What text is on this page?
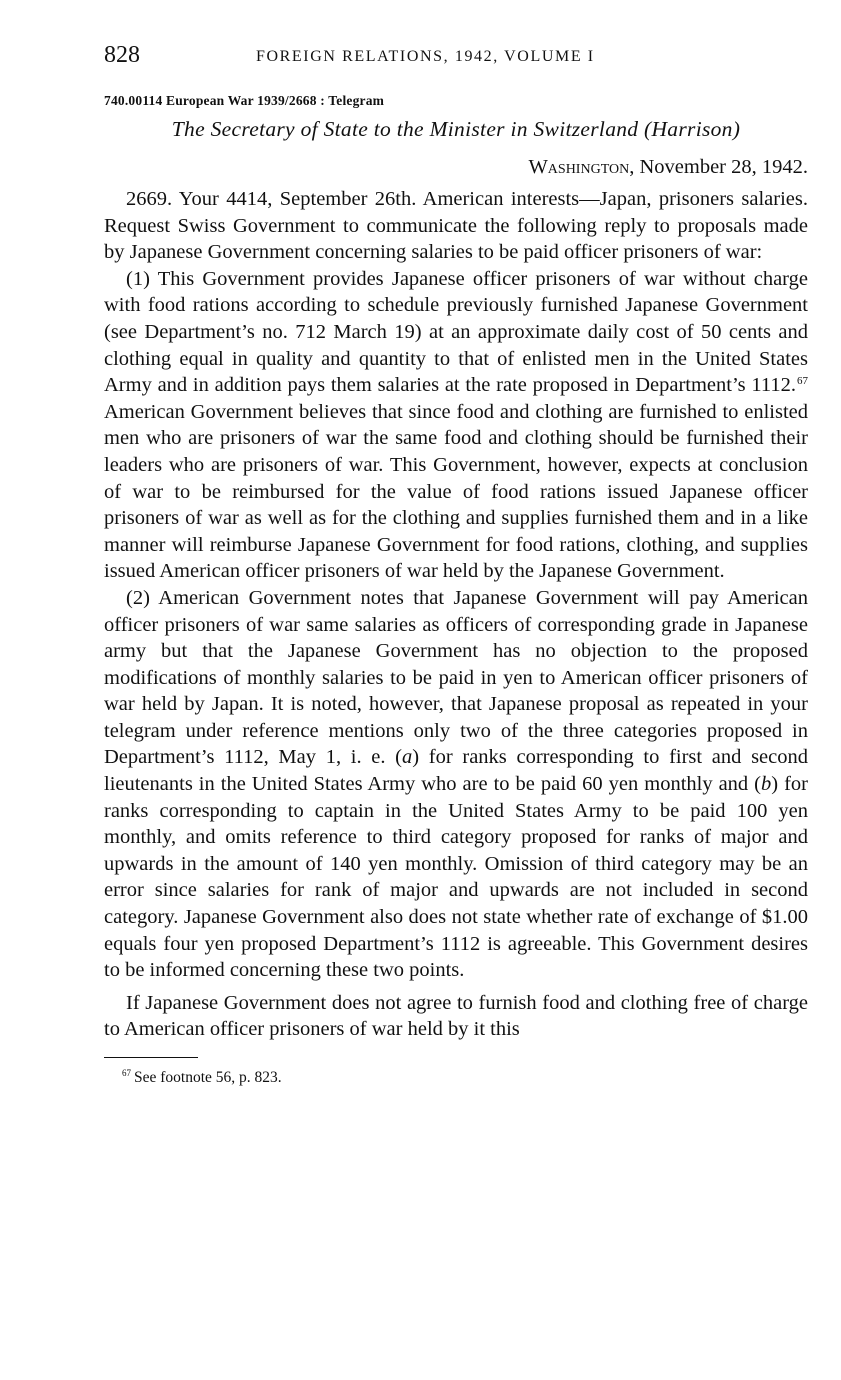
828	FOREIGN RELATIONS, 1942, VOLUME I
740.00114 European War 1939/2668 : Telegram
The Secretary of State to the Minister in Switzerland (Harrison)
Washington, November 28, 1942.

2669. Your 4414, September 26th. American interests—Japan, prisoners salaries. Request Swiss Government to communicate the following reply to proposals made by Japanese Government concerning salaries to be paid officer prisoners of war:

(1) This Government provides Japanese officer prisoners of war without charge with food rations according to schedule previously furnished Japanese Government (see Department’s no. 712 March 19) at an approximate daily cost of 50 cents and clothing equal in quality and quantity to that of enlisted men in the United States Army and in addition pays them salaries at the rate proposed in Department’s 1112.67 American Government believes that since food and clothing are furnished to enlisted men who are prisoners of war the same food and clothing should be furnished their leaders who are prisoners of war. This Government, however, expects at conclusion of war to be reimbursed for the value of food rations issued Japanese officer prisoners of war as well as for the clothing and supplies furnished them and in a like manner will reimburse Japanese Government for food rations, clothing, and supplies issued American officer prisoners of war held by the Japanese Government.

(2) American Government notes that Japanese Government will pay American officer prisoners of war same salaries as officers of corresponding grade in Japanese army but that the Japanese Government has no objection to the proposed modifications of monthly salaries to be paid in yen to American officer prisoners of war held by Japan. It is noted, however, that Japanese proposal as repeated in your telegram under reference mentions only two of the three categories proposed in Department’s 1112, May 1, i. e. (a) for ranks corresponding to first and second lieutenants in the United States Army who are to be paid 60 yen monthly and (b) for ranks corresponding to captain in the United States Army to be paid 100 yen monthly, and omits reference to third category proposed for ranks of major and upwards in the amount of 140 yen monthly. Omission of third category may be an error since salaries for rank of major and upwards are not included in second category. Japanese Government also does not state whether rate of exchange of $1.00 equals four yen proposed Department’s 1112 is agreeable. This Government desires to be informed concerning these two points.

If Japanese Government does not agree to furnish food and clothing free of charge to American officer prisoners of war held by it this

$^{67}$ See footnote 56, p. 823.
